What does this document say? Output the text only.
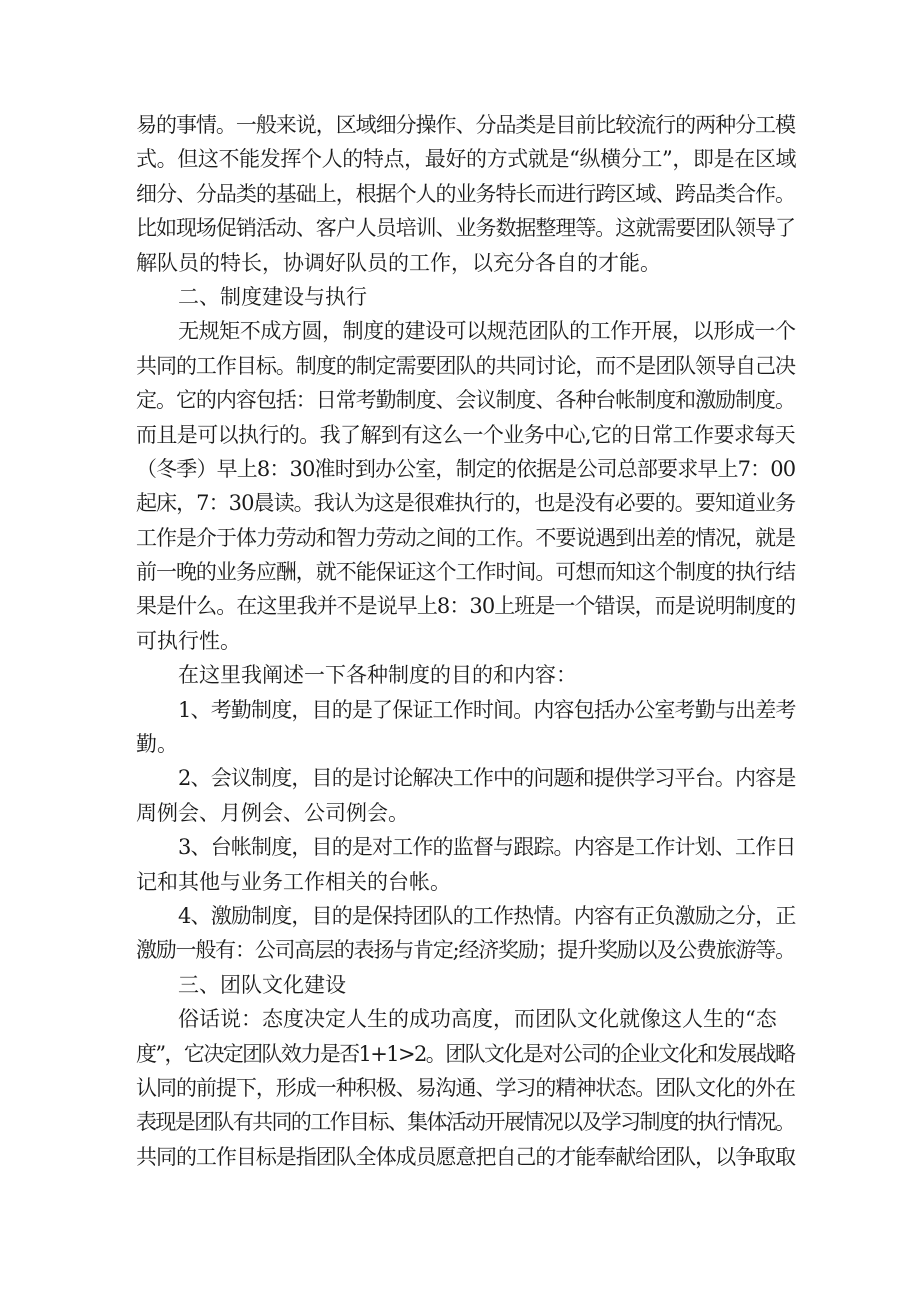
易的事情。一般来说，区域细分操作、分品类是目前比较流行的两种分工模
式。但这不能发挥个人的特点，最好的方式就是“纵横分工”，即是在区域
细分、分品类的基础上，根据个人的业务特长而进行跨区域、跨品类合作。
比如现场促销活动、客户人员培训、业务数据整理等。这就需要团队领导了
解队员的特长，协调好队员的工作，以充分各自的才能。
二、制度建设与执行
无规矩不成方圆，制度的建设可以规范团队的工作开展，以形成一个
共同的工作目标。制度的制定需要团队的共同讨论，而不是团队领导自己决
定。它的内容包括：日常考勤制度、会议制度、各种台帐制度和激励制度。
而且是可以执行的。我了解到有这么一个业务中心,它的日常工作要求每天
（冬季）早上8：30准时到办公室，制定的依据是公司总部要求早上7：00
起床，7：30晨读。我认为这是很难执行的，也是没有必要的。要知道业务
工作是介于体力劳动和智力劳动之间的工作。不要说遇到出差的情况，就是
前一晚的业务应酬，就不能保证这个工作时间。可想而知这个制度的执行结
果是什么。在这里我并不是说早上8：30上班是一个错误，而是说明制度的
可执行性。
在这里我阐述一下各种制度的目的和内容：
1、考勤制度，目的是了保证工作时间。内容包括办公室考勤与出差考
勤。
2、会议制度，目的是讨论解决工作中的问题和提供学习平台。内容是
周例会、月例会、公司例会。
3、台帐制度，目的是对工作的监督与跟踪。内容是工作计划、工作日
记和其他与业务工作相关的台帐。
4、激励制度，目的是保持团队的工作热情。内容有正负激励之分，正
激励一般有：公司高层的表扬与肯定;经济奖励；提升奖励以及公费旅游等。
三、团队文化建设
俗话说：态度决定人生的成功高度，而团队文化就像这人生的“态
度”，它决定团队效力是否1+1>2。团队文化是对公司的企业文化和发展战略
认同的前提下，形成一种积极、易沟通、学习的精神状态。团队文化的外在
表现是团队有共同的工作目标、集体活动开展情况以及学习制度的执行情况。
共同的工作目标是指团队全体成员愿意把自己的才能奉献给团队，以争取取
